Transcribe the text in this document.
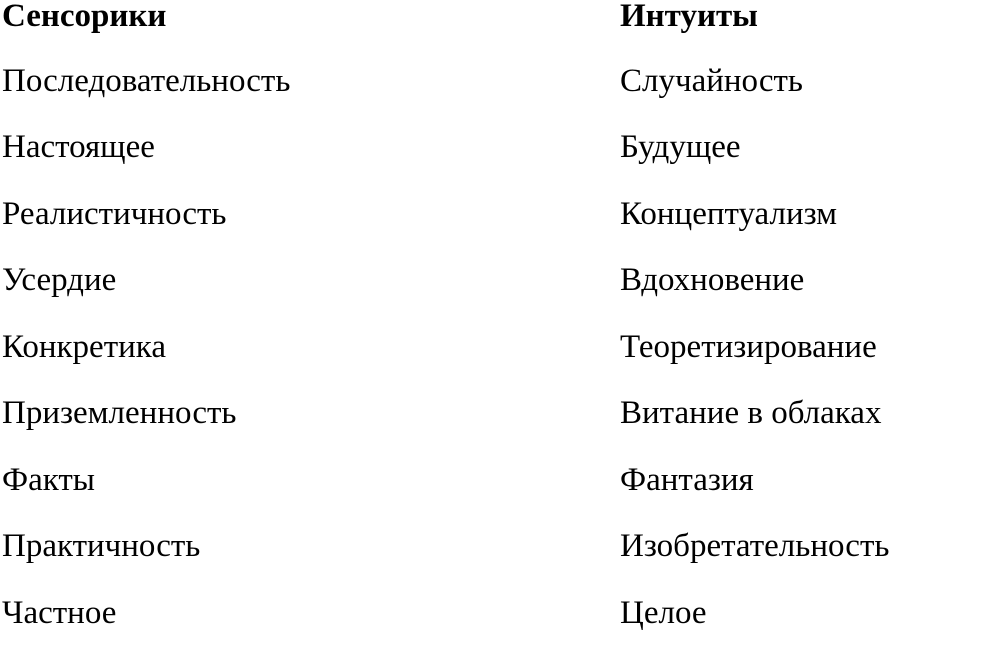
Сенсорики	Интуиты
Последовательность	Случайность
Настоящее	Будущее
Реалистичность	Концептуализм
Усердие	Вдохновение
Конкретика	Теоретизирование
Приземленность	Витание в облаках
Факты	Фантазия
Практичность	Изобретательность
Частное	Целое
